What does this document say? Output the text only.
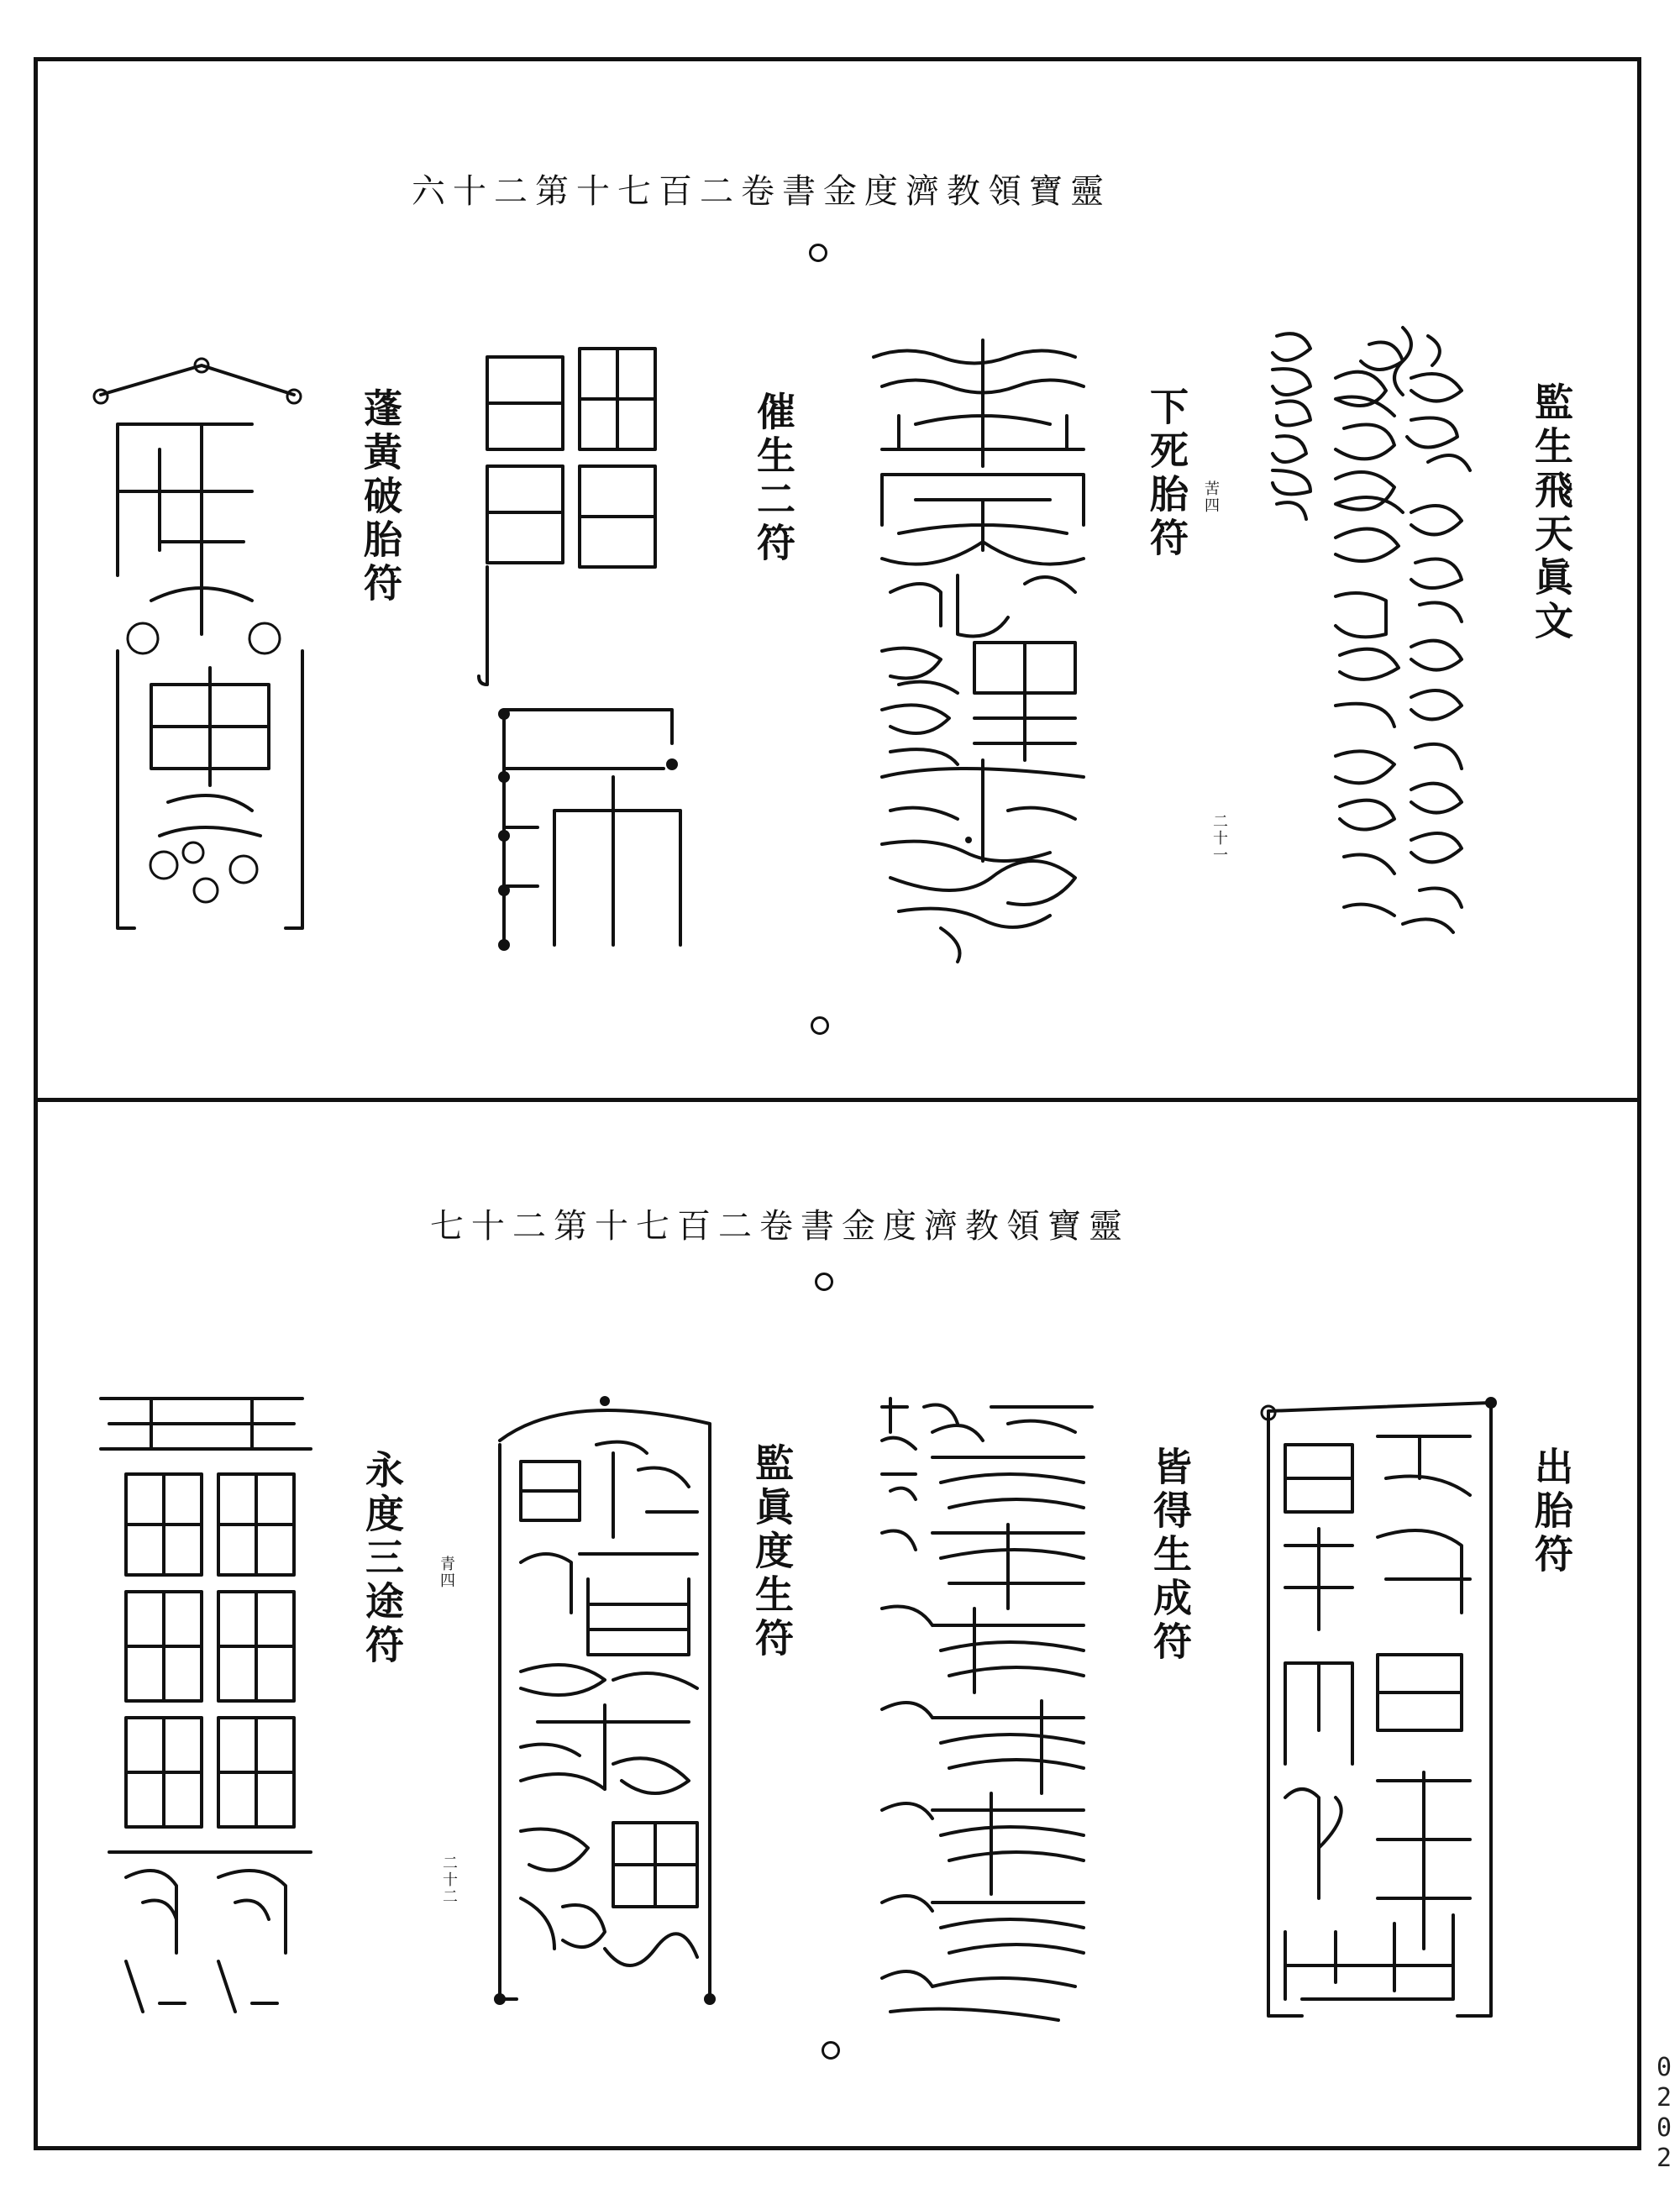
靈寶領教濟度金書卷二百七十第二十六
監生飛天眞文
下死胎符 苦四
二十一
催生二符
蓬黃破胎符
靈寶領教濟度金書卷二百七十第二十七
出胎符
皆得生成符
監眞度生符
永度三途符 青四
二十二
0202
